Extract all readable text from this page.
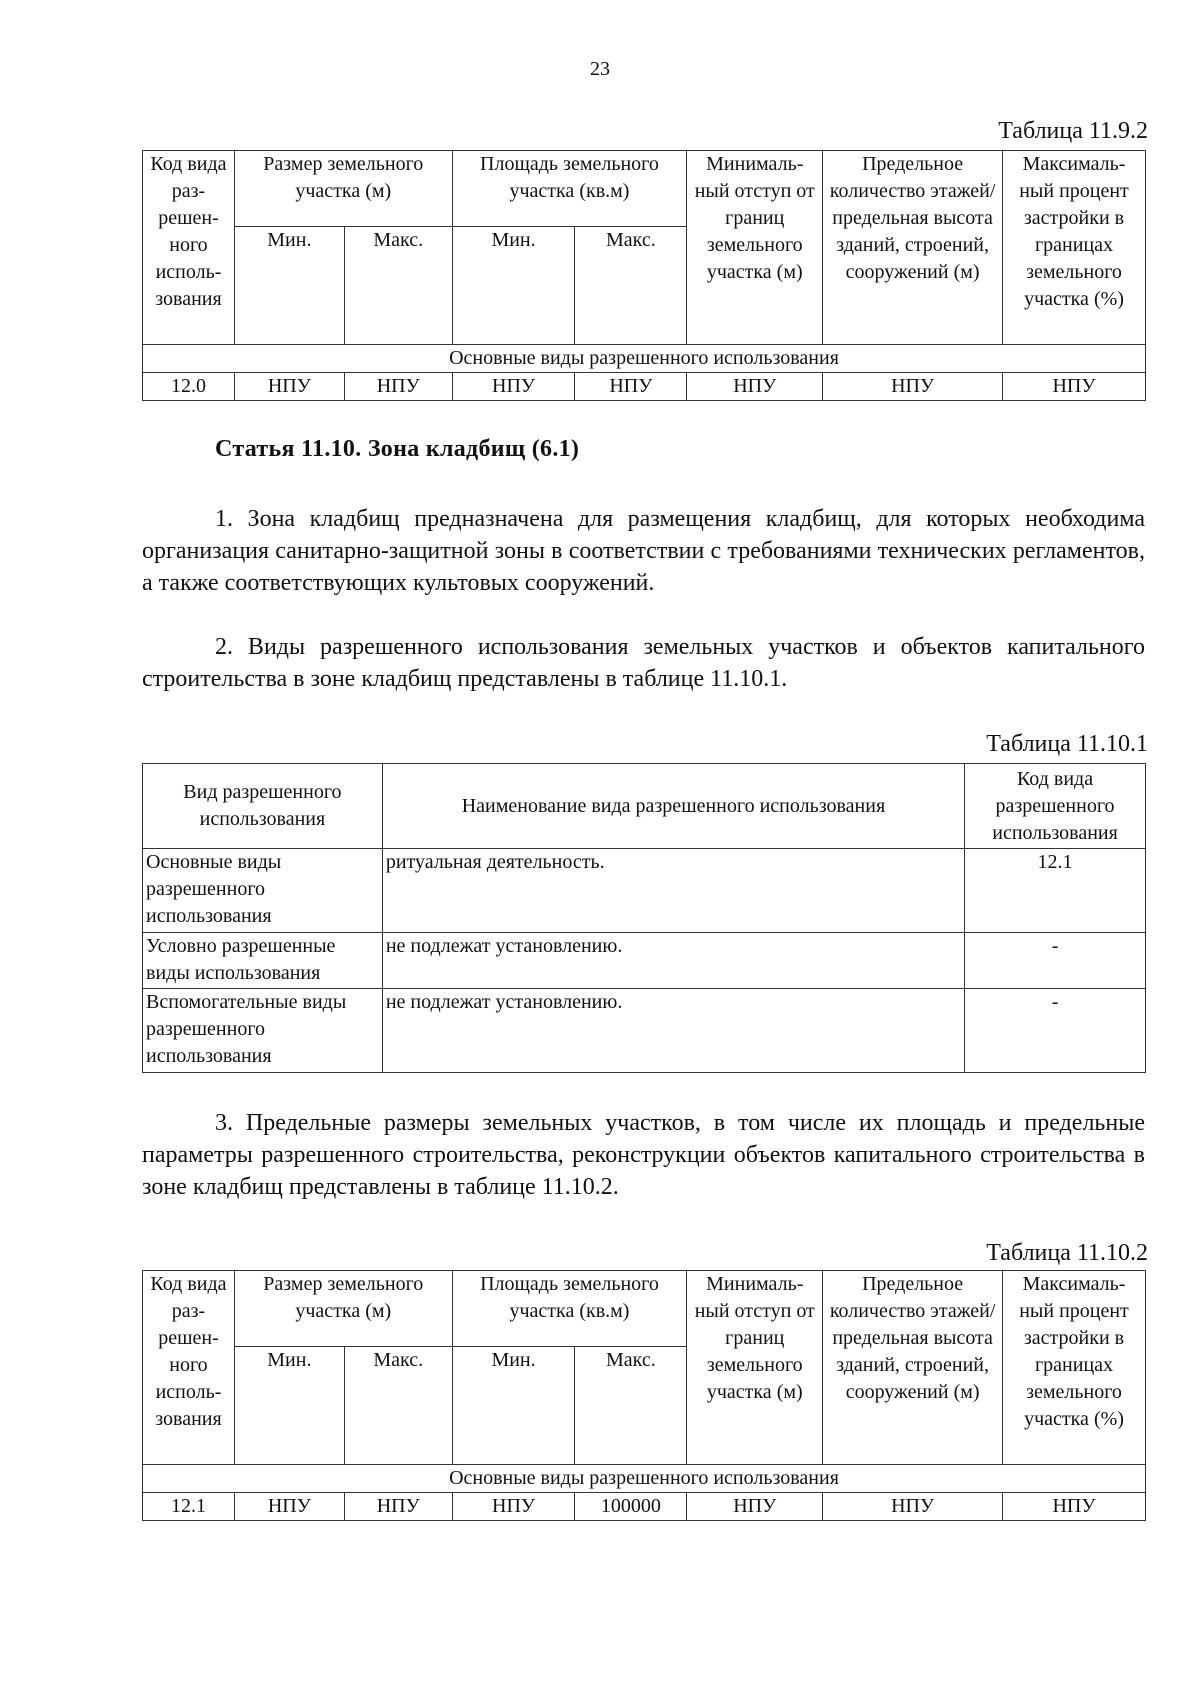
23
Таблица 11.9.2
Код вида раз- решен- ного исполь- зования	Размер земельного участка (м)		Площадь земельного участка (кв.м)		Минималь- ный отступ от границ земельного участка (м)	Предельное количество этажей/ предельная высота зданий, строений, сооружений (м)	Максималь- ный процент застройки в границах земельного участка (%)
	Мин.	Макс.	Мин.	Макс.			
Основные виды разрешенного использования							
12.0	НПУ	НПУ	НПУ	НПУ	НПУ	НПУ	НПУ
Статья 11.10. Зона кладбищ (6.1)

1. Зона кладбищ предназначена для размещения кладбищ, для которых необходима организация санитарно-защитной зоны в соответствии с требованиями технических регламентов, а также соответствующих культовых сооружений.

2. Виды разрешенного использования земельных участков и объектов капитального строительства в зоне кладбищ представлены в таблице 11.10.1.

Таблица 11.10.1
Вид разрешенного использования	Наименование вида разрешенного использования	Код вида разрешенного использования
Основные виды разрешенного использования	ритуальная деятельность.	12.1
Условно разрешенные виды использования	не подлежат установлению.	-
Вспомогательные виды разрешенного использования	не подлежат установлению.	-

3. Предельные размеры земельных участков, в том числе их площадь и предельные параметры разрешенного строительства, реконструкции объектов капитального строительства в зоне кладбищ представлены в таблице 11.10.2.

Таблица 11.10.2
Код вида раз- решен- ного исполь- зования	Размер земельного участка (м)		Площадь земельного участка (кв.м)		Минималь- ный отступ от границ земельного участка (м)	Предельное количество этажей/ предельная высота зданий, строений, сооружений (м)	Максималь- ный процент застройки в границах земельного участка (%)
	Мин.	Макс.	Мин.	Макс.			
Основные виды разрешенного использования							
12.1	НПУ	НПУ	НПУ	100000	НПУ	НПУ	НПУ
